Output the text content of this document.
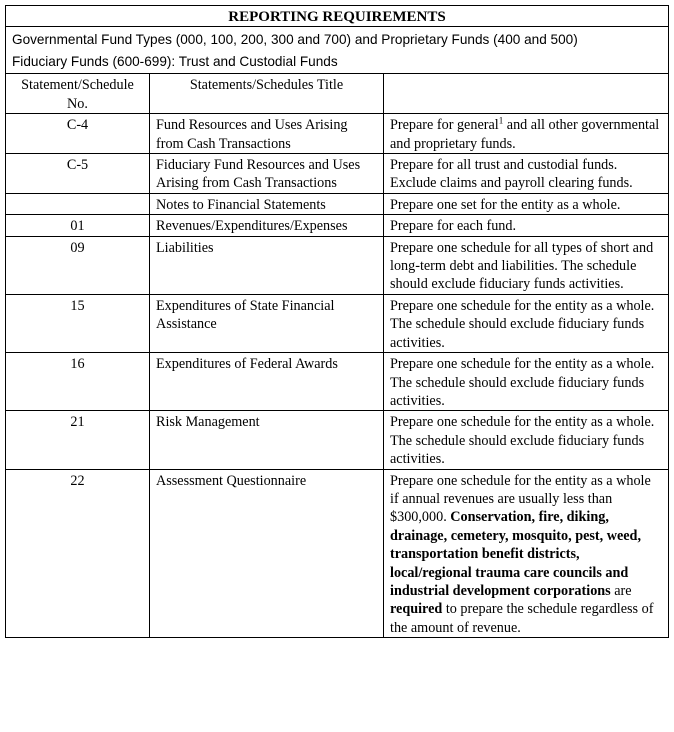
REPORTING REQUIREMENTS		

Governmental Fund Types (000, 100, 200, 300 and 700) and Proprietary Funds (400 and 500)
Fiduciary Funds (600-699): Trust and Custodial Funds		

Statement/Schedule No.	Statements/Schedules Title	
C-4	Fund Resources and Uses Arising from Cash Transactions	Prepare for general$^1$ and all other governmental and proprietary funds.
C-5	Fiduciary Fund Resources and Uses Arising from Cash Transactions	Prepare for all trust and custodial funds. Exclude claims and payroll clearing funds.
	Notes to Financial Statements	Prepare one set for the entity as a whole.
01	Revenues/Expenditures/Expenses	Prepare for each fund.
09	Liabilities	Prepare one schedule for all types of short and long-term debt and liabilities. The schedule should exclude fiduciary funds activities.
15	Expenditures of State Financial Assistance	Prepare one schedule for the entity as a whole. The schedule should exclude fiduciary funds activities.
16	Expenditures of Federal Awards	Prepare one schedule for the entity as a whole. The schedule should exclude fiduciary funds activities.
21	Risk Management	Prepare one schedule for the entity as a whole. The schedule should exclude fiduciary funds activities.
22	Assessment Questionnaire	Prepare one schedule for the entity as a whole if annual revenues are usually less than $300,000. Conservation, fire, diking, drainage, cemetery, mosquito, pest, weed, transportation benefit districts, local/regional trauma care councils and industrial development corporations are required to prepare the schedule regardless of the amount of revenue.
